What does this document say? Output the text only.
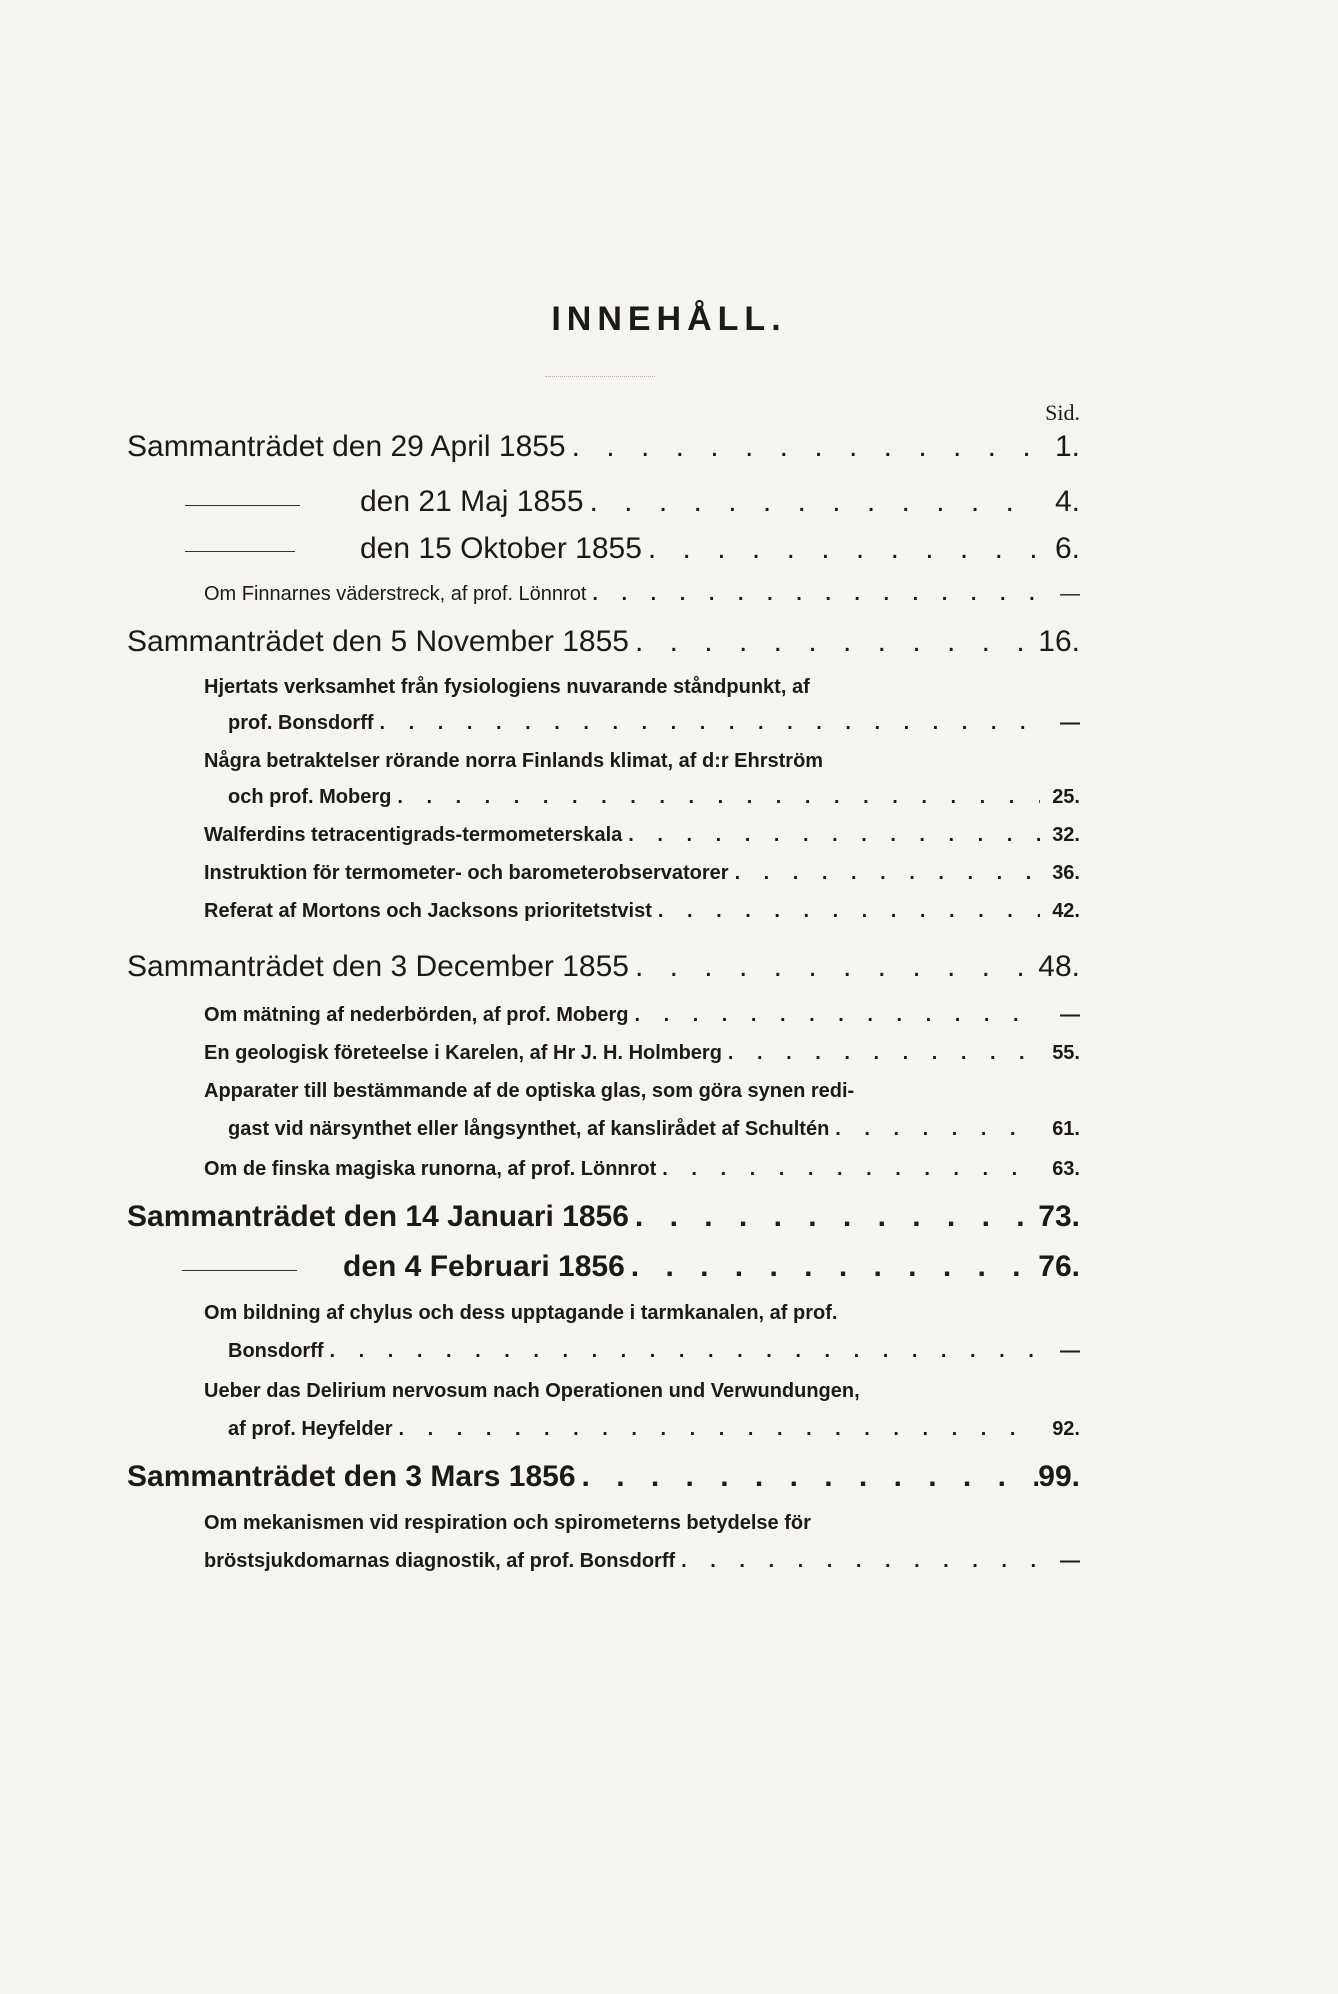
INNEHÅLL.
Sid.
Sammanträdet den 29 April 1855 . . .	1.
den 21 Maj 1855 . . .	4.
den 15 Oktober 1855 . . .	6.
Om Finnarnes väderstreck, af prof. Lönnrot . . .	—
Sammanträdet den 5 November 1855 . . .	16.
Hjertats verksamhet från fysiologiens nuvarande ståndpunkt, af
prof. Bonsdorff . . .	—
Några betraktelser rörande norra Finlands klimat, af d:r Ehrström
och prof. Moberg . . .	25.
Walferdins tetracentigrads-termometerskala . . .	32.
Instruktion för termometer- och barometerobservatorer . . .	36.
Referat af Mortons och Jacksons prioritetstvist . . .	42.
Sammanträdet den 3 December 1855 . . .	48.
Om mätning af nederbörden, af prof. Moberg . . .	—
En geologisk företeelse i Karelen, af Hr J. H. Holmberg . . .	55.
Apparater till bestämmande af de optiska glas, som göra synen redi-
gast vid närsynthet eller långsynthet, af kanslirådet af Schultén . . .	61.
Om de finska magiska runorna, af prof. Lönnrot . . .	63.
Sammanträdet den 14 Januari 1856 . . .	73.
den 4 Februari 1856 . . .	76.
Om bildning af chylus och dess upptagande i tarmkanalen, af prof.
Bonsdorff . . .	—
Ueber das Delirium nervosum nach Operationen und Verwundungen,
af prof. Heyfelder . . .	92.
Sammanträdet den 3 Mars 1856 . . .	99.
Om mekanismen vid respiration och spirometerns betydelse för
bröstsjukdomarnas diagnostik, af prof. Bonsdorff . . .	—
